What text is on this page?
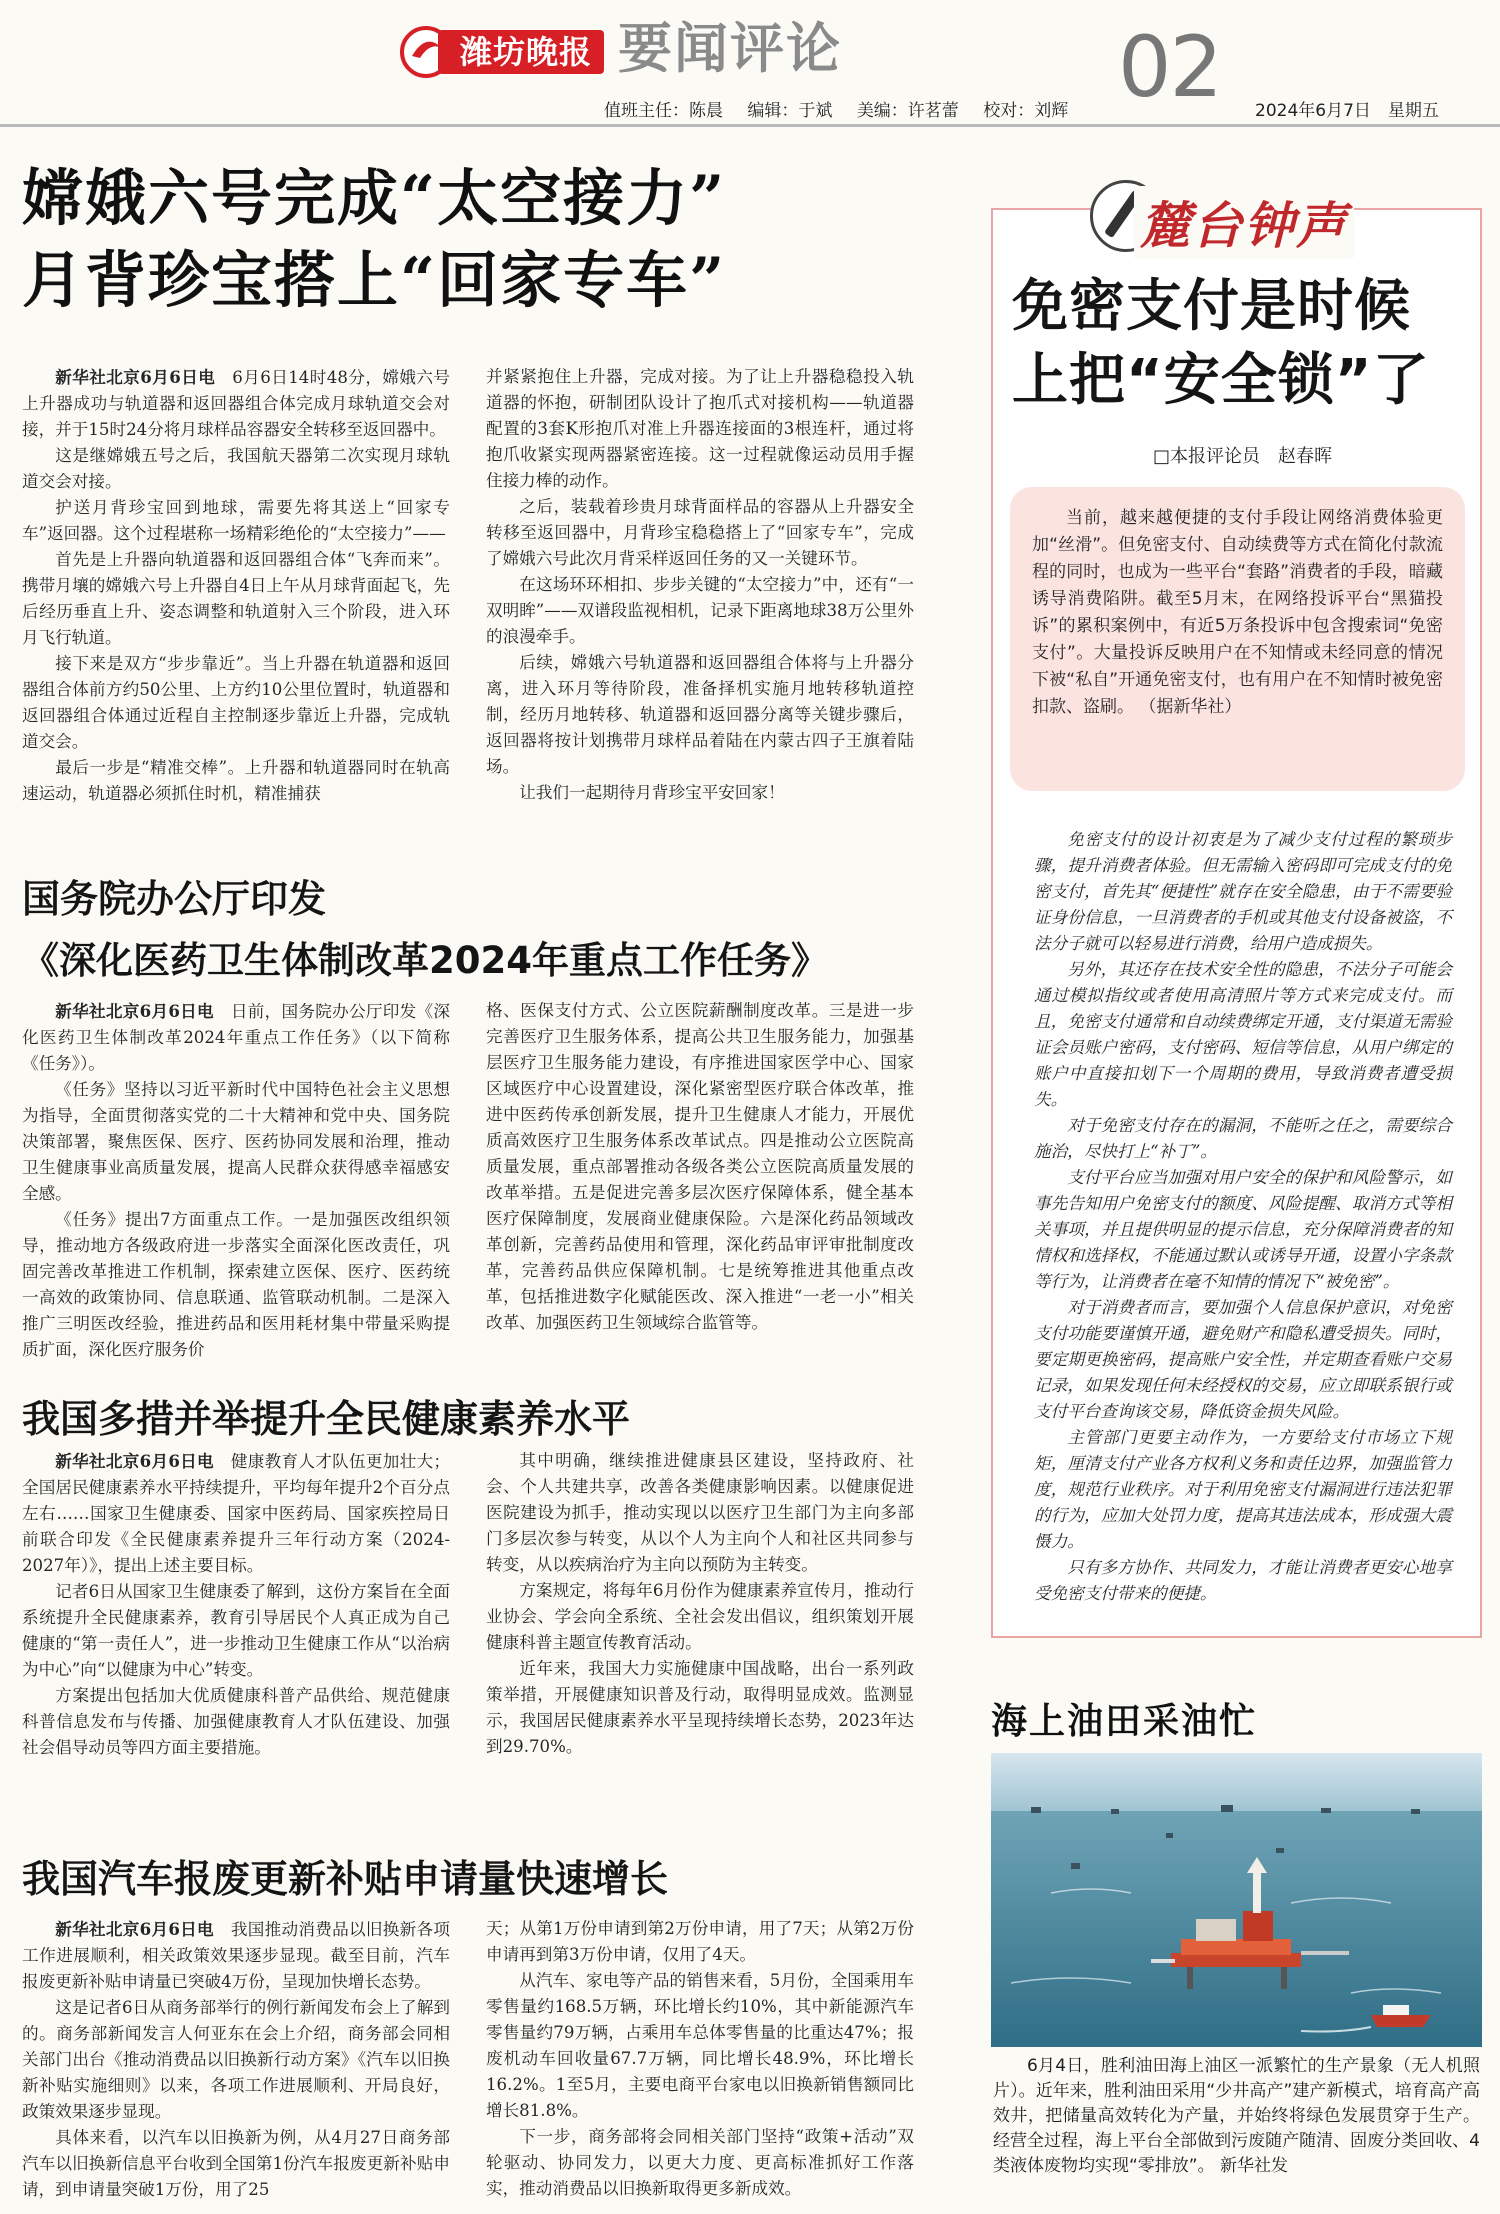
潍坊晚报 要闻评论	02
值班主任：陈晨　 编辑：于斌　 美编：许茗蕾　 校对：刘辉	2024年6月7日　星期五
嫦娥六号完成“太空接力”
月背珍宝搭上“回家专车”

新华社北京6月6日电　6月6日14时48分，嫦娥六号上升器成功与轨道器和返回器组合体完成月球轨道交会对接，并于15时24分将月球样品容器安全转移至返回器中。

这是继嫦娥五号之后，我国航天器第二次实现月球轨道交会对接。

护送月背珍宝回到地球，需要先将其送上“回家专车”返回器。这个过程堪称一场精彩绝伦的“太空接力”——

首先是上升器向轨道器和返回器组合体“飞奔而来”。携带月壤的嫦娥六号上升器自4日上午从月球背面起飞，先后经历垂直上升、姿态调整和轨道射入三个阶段，进入环月飞行轨道。

接下来是双方“步步靠近”。当上升器在轨道器和返回器组合体前方约50公里、上方约10公里位置时，轨道器和返回器组合体通过近程自主控制逐步靠近上升器，完成轨道交会。

最后一步是“精准交棒”。上升器和轨道器同时在轨高速运动，轨道器必须抓住时机，精准捕获

并紧紧抱住上升器，完成对接。为了让上升器稳稳投入轨道器的怀抱，研制团队设计了抱爪式对接机构——轨道器配置的3套K形抱爪对准上升器连接面的3根连杆，通过将抱爪收紧实现两器紧密连接。这一过程就像运动员用手握住接力棒的动作。

之后，装载着珍贵月球背面样品的容器从上升器安全转移至返回器中，月背珍宝稳稳搭上了“回家专车”，完成了嫦娥六号此次月背采样返回任务的又一关键环节。

在这场环环相扣、步步关键的“太空接力”中，还有“一双明眸”——双谱段监视相机，记录下距离地球38万公里外的浪漫牵手。

后续，嫦娥六号轨道器和返回器组合体将与上升器分离，进入环月等待阶段，准备择机实施月地转移轨道控制，经历月地转移、轨道器和返回器分离等关键步骤后，返回器将按计划携带月球样品着陆在内蒙古四子王旗着陆场。

让我们一起期待月背珍宝平安回家！

国务院办公厅印发
《深化医药卫生体制改革2024年重点工作任务》

新华社北京6月6日电　日前，国务院办公厅印发《深化医药卫生体制改革2024年重点工作任务》（以下简称《任务》）。

《任务》坚持以习近平新时代中国特色社会主义思想为指导，全面贯彻落实党的二十大精神和党中央、国务院决策部署，聚焦医保、医疗、医药协同发展和治理，推动卫生健康事业高质量发展，提高人民群众获得感幸福感安全感。

《任务》提出7方面重点工作。一是加强医改组织领导，推动地方各级政府进一步落实全面深化医改责任，巩固完善改革推进工作机制，探索建立医保、医疗、医药统一高效的政策协同、信息联通、监管联动机制。二是深入推广三明医改经验，推进药品和医用耗材集中带量采购提质扩面，深化医疗服务价

格、医保支付方式、公立医院薪酬制度改革。三是进一步完善医疗卫生服务体系，提高公共卫生服务能力，加强基层医疗卫生服务能力建设，有序推进国家医学中心、国家区域医疗中心设置建设，深化紧密型医疗联合体改革，推进中医药传承创新发展，提升卫生健康人才能力，开展优质高效医疗卫生服务体系改革试点。四是推动公立医院高质量发展，重点部署推动各级各类公立医院高质量发展的改革举措。五是促进完善多层次医疗保障体系，健全基本医疗保障制度，发展商业健康保险。六是深化药品领域改革创新，完善药品使用和管理，深化药品审评审批制度改革，完善药品供应保障机制。七是统筹推进其他重点改革，包括推进数字化赋能医改、深入推进“一老一小”相关改革、加强医药卫生领域综合监管等。

我国多措并举提升全民健康素养水平

新华社北京6月6日电　健康教育人才队伍更加壮大；全国居民健康素养水平持续提升，平均每年提升2个百分点左右……国家卫生健康委、国家中医药局、国家疾控局日前联合印发《全民健康素养提升三年行动方案（2024-2027年）》，提出上述主要目标。

记者6日从国家卫生健康委了解到，这份方案旨在全面系统提升全民健康素养，教育引导居民个人真正成为自己健康的“第一责任人”，进一步推动卫生健康工作从“以治病为中心”向“以健康为中心”转变。

方案提出包括加大优质健康科普产品供给、规范健康科普信息发布与传播、加强健康教育人才队伍建设、加强社会倡导动员等四方面主要措施。

其中明确，继续推进健康县区建设，坚持政府、社会、个人共建共享，改善各类健康影响因素。以健康促进医院建设为抓手，推动实现以以医疗卫生部门为主向多部门多层次参与转变，从以个人为主向个人和社区共同参与转变，从以疾病治疗为主向以预防为主转变。

方案规定，将每年6月份作为健康素养宣传月，推动行业协会、学会向全系统、全社会发出倡议，组织策划开展健康科普主题宣传教育活动。

近年来，我国大力实施健康中国战略，出台一系列政策举措，开展健康知识普及行动，取得明显成效。监测显示，我国居民健康素养水平呈现持续增长态势，2023年达到29.70%。

我国汽车报废更新补贴申请量快速增长

新华社北京6月6日电　我国推动消费品以旧换新各项工作进展顺利，相关政策效果逐步显现。截至目前，汽车报废更新补贴申请量已突破4万份，呈现加快增长态势。

这是记者6日从商务部举行的例行新闻发布会上了解到的。商务部新闻发言人何亚东在会上介绍，商务部会同相关部门出台《推动消费品以旧换新行动方案》《汽车以旧换新补贴实施细则》以来，各项工作进展顺利、开局良好，政策效果逐步显现。

具体来看，以汽车以旧换新为例，从4月27日商务部汽车以旧换新信息平台收到全国第1份汽车报废更新补贴申请，到申请量突破1万份，用了25

天；从第1万份申请到第2万份申请，用了7天；从第2万份申请再到第3万份申请，仅用了4天。

从汽车、家电等产品的销售来看，5月份，全国乘用车零售量约168.5万辆，环比增长约10%，其中新能源汽车零售量约79万辆，占乘用车总体零售量的比重达47%；报废机动车回收量67.7万辆，同比增长48.9%，环比增长16.2%。1至5月，主要电商平台家电以旧换新销售额同比增长81.8%。

下一步，商务部将会同相关部门坚持“政策+活动”双轮驱动、协同发力，以更大力度、更高标准抓好工作落实，推动消费品以旧换新取得更多新成效。

麓台钟声
免密支付是时候
上把“安全锁”了
□本报评论员　赵春晖
当前，越来越便捷的支付手段让网络消费体验更加“丝滑”。但免密支付、自动续费等方式在简化付款流程的同时，也成为一些平台“套路”消费者的手段，暗藏诱导消费陷阱。截至5月末，在网络投诉平台“黑猫投诉”的累积案例中，有近5万条投诉中包含搜索词“免密支付”。大量投诉反映用户在不知情或未经同意的情况下被“私自”开通免密支付，也有用户在不知情时被免密扣款、盗刷。 （据新华社）

免密支付的设计初衷是为了减少支付过程的繁琐步骤，提升消费者体验。但无需输入密码即可完成支付的免密支付，首先其“便捷性”就存在安全隐患，由于不需要验证身份信息，一旦消费者的手机或其他支付设备被盗，不法分子就可以轻易进行消费，给用户造成损失。

另外，其还存在技术安全性的隐患，不法分子可能会通过模拟指纹或者使用高清照片等方式来完成支付。而且，免密支付通常和自动续费绑定开通，支付渠道无需验证会员账户密码，支付密码、短信等信息，从用户绑定的账户中直接扣划下一个周期的费用，导致消费者遭受损失。

对于免密支付存在的漏洞，不能听之任之，需要综合施治，尽快打上“补丁”。

支付平台应当加强对用户安全的保护和风险警示，如事先告知用户免密支付的额度、风险提醒、取消方式等相关事项，并且提供明显的提示信息，充分保障消费者的知情权和选择权，不能通过默认或诱导开通，设置小字条款等行为，让消费者在毫不知情的情况下“被免密”。

对于消费者而言，要加强个人信息保护意识，对免密支付功能要谨慎开通，避免财产和隐私遭受损失。同时，要定期更换密码，提高账户安全性，并定期查看账户交易记录，如果发现任何未经授权的交易，应立即联系银行或支付平台查询该交易，降低资金损失风险。

主管部门更要主动作为，一方要给支付市场立下规矩，厘清支付产业各方权利义务和责任边界，加强监管力度，规范行业秩序。对于利用免密支付漏洞进行违法犯罪的行为，应加大处罚力度，提高其违法成本，形成强大震慑力。

只有多方协作、共同发力，才能让消费者更安心地享受免密支付带来的便捷。

海上油田采油忙
6月4日，胜利油田海上油区一派繁忙的生产景象（无人机照片）。近年来，胜利油田采用“少井高产”建产新模式，培育高产高效井，把储量高效转化为产量，并始终将绿色发展贯穿于生产。经营全过程，海上平台全部做到污废随产随清、固废分类回收、4类液体废物均实现“零排放”。 新华社发
